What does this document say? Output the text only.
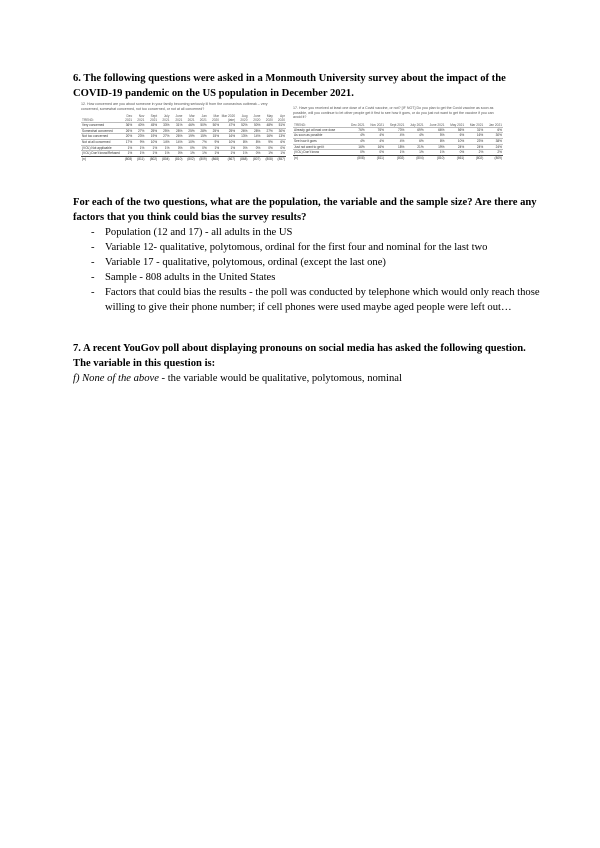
6. The following questions were asked in a Monmouth University survey about the impact of the COVID-19 pandemic on the US population in December 2021.

12. How concerned are you about someone in your family becoming seriously ill from the coronavirus outbreak – very concerned, somewhat concerned, not too concerned, or not at all concerned?

TREND:	Dec 2021	Nov 2021	Sept 2021	July 2021	June 2021	Mar 2021	Jan 2021	Mar 2020	Mar 2020 (late)	Aug 2020	June 2020	May 2020	Apr 2020
Very concerned	36%	40%	45%	33%	31%	46%	50%	50%	47%	52%	50%	48%	51%
Somewhat concerned	26%	27%	25%	25%	28%	25%	28%	25%	25%	26%	28%	27%	30%
Not too concerned	20%	23%	19%	27%	26%	19%	15%	15%	16%	13%	14%	16%	13%
Not at all concerned	17%	9%	10%	14%	14%	10%	7%	9%	10%	8%	8%	9%	6%
(VOL) Not applicable	1%	1%	1%	1%	0%	0%	0%	1%	1%	0%	0%	0%	0%
(VOL) Don't know/Refused	1%	1%	1%	1%	0%	1%	1%	1%	1%	1%	0%	1%	1%
(n)	(808)	(811)	(802)	(804)	(810)	(802)	(809)	(868)	(867)	(868)	(807)	(808)	(857)

17. Have you received at least one dose of a Covid vaccine, or not? [IF NOT] Do you plan to get the Covid vaccine as soon as possible, will you continue to let other people get it first to see how it goes, or do you just not want to get the vaccine if you can avoid it?

TREND:	Dec 2021	Nov 2021	Sept 2021	July 2021	June 2021	May 2021	Mar 2021	Jan 2021
Already got at least one dose	76%	76%	73%	69%	66%	56%	31%	6%
As soon as possible	4%	4%	4%	4%	5%	6%	16%	30%
See how it goes	4%	4%	4%	6%	8%	10%	23%	38%
Just not want to get it	16%	16%	18%	21%	19%	24%	24%	24%
(VOL) Don't know	0%	0%	1%	1%	1%	0%	2%	2%
(n)	(808)	(811)	(802)	(804)	(810)	(661)	(802)	(809)

For each of the two questions, what are the population, the variable and the sample size? Are there any factors that you think could bias the survey results?

- Population (12 and 17) - all adults in the US
- Variable 12- qualitative, polytomous, ordinal for the first four and nominal for the last two
- Variable 17 - qualitative, polytomous, ordinal (except the last one)
- Sample - 808 adults in the United States
- Factors that could bias the results - the poll was conducted by telephone which would only reach those willing to give their phone number; if cell phones were used maybe aged people were left out…

7. A recent YouGov poll about displaying pronouns on social media has asked the following question. The variable in this question is:

f) None of the above - the variable would be qualitative, polytomous, nominal
